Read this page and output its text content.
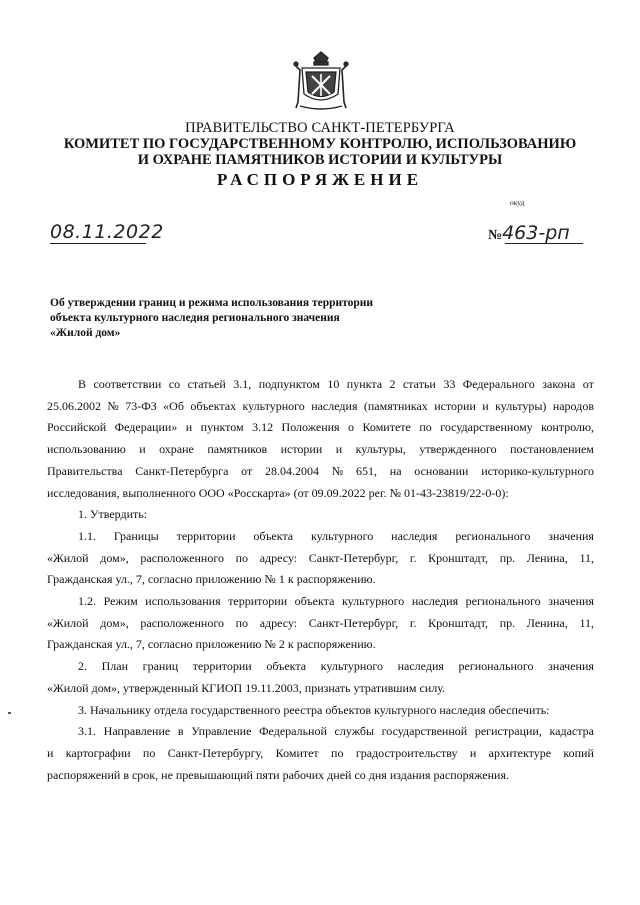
ПРАВИТЕЛЬСТВО САНКТ-ПЕТЕРБУРГА
КОМИТЕТ ПО ГОСУДАРСТВЕННОМУ КОНТРОЛЮ, ИСПОЛЬЗОВАНИЮ
И ОХРАНЕ ПАМЯТНИКОВ ИСТОРИИ И КУЛЬТУРЫ
РАСПОРЯЖЕНИЕ
окуд
08.11.2022	№463-рп
Об утверждении границ и режима использования территории
объекта культурного наследия регионального значения
«Жилой дом»
В соответствии со статьей 3.1, подпунктом 10 пункта 2 статьи 33 Федерального закона от
25.06.2002 № 73-ФЗ «Об объектах культурного наследия (памятниках истории и культуры) народов
Российской Федерации» и пунктом 3.12 Положения о Комитете по государственному контролю,
использованию и охране памятников истории и культуры, утвержденного постановлением
Правительства Санкт-Петербурга от 28.04.2004 № 651, на основании историко-культурного
исследования, выполненного ООО «Росскарта» (от 09.09.2022 рег. № 01-43-23819/22-0-0):
1. Утвердить:
1.1. Границы территории объекта культурного наследия регионального значения
«Жилой дом», расположенного по адресу: Санкт-Петербург, г. Кронштадт, пр. Ленина, 11,
Гражданская ул., 7, согласно приложению № 1 к распоряжению.
1.2. Режим использования территории объекта культурного наследия регионального значения
«Жилой дом», расположенного по адресу: Санкт-Петербург, г. Кронштадт, пр. Ленина, 11,
Гражданская ул., 7, согласно приложению № 2 к распоряжению.
2. План границ территории объекта культурного наследия регионального значения
«Жилой дом», утвержденный КГИОП 19.11.2003, признать утратившим силу.
3. Начальнику отдела государственного реестра объектов культурного наследия обеспечить:
3.1. Направление в Управление Федеральной службы государственной регистрации, кадастра
и картографии по Санкт-Петербургу, Комитет по градостроительству и архитектуре копий
распоряжений в срок, не превышающий пяти рабочих дней со дня издания распоряжения.
